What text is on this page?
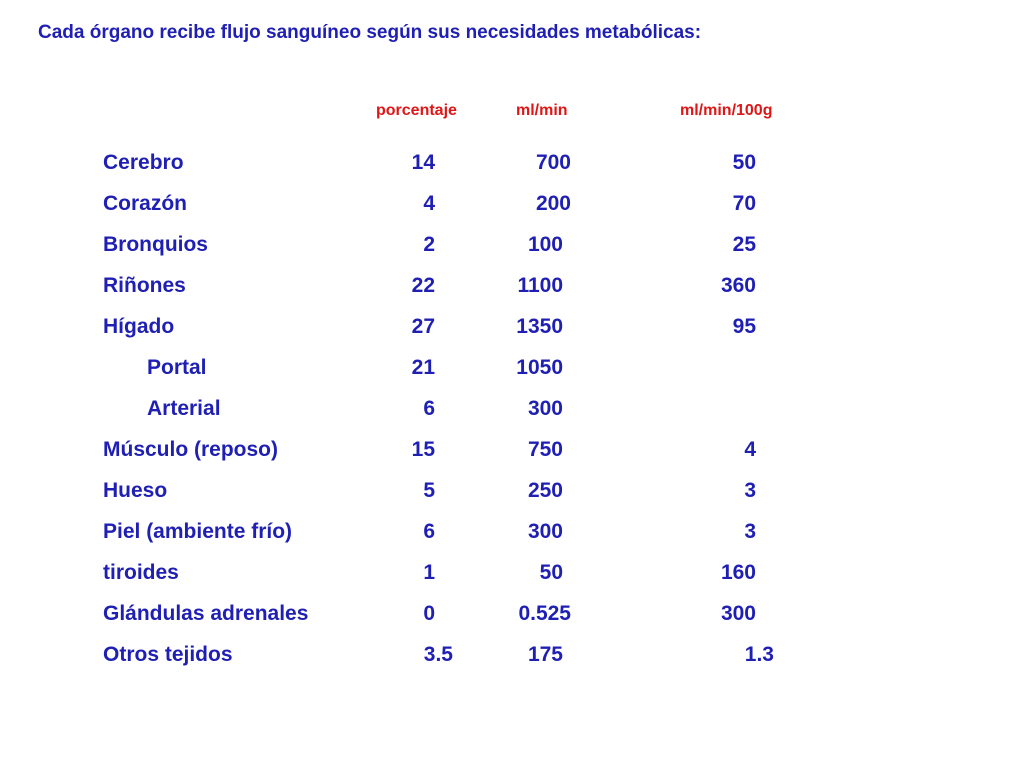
Cada órgano recibe flujo sanguíneo según sus necesidades metabólicas:
porcentaje	ml/min	ml/min/100g
Cerebro	14	700	50
Corazón	4	200	70
Bronquios	2	100	25
Riñones	22	1100	360
Hígado	27	1350	95
Portal	21	1050
Arterial	6	300
Músculo (reposo)	15	750	4
Hueso	5	250	3
Piel (ambiente frío)	6	300	3
tiroides	1	50	160
Glándulas adrenales	0	0.525	300
Otros tejidos	3.5	175	1.3
